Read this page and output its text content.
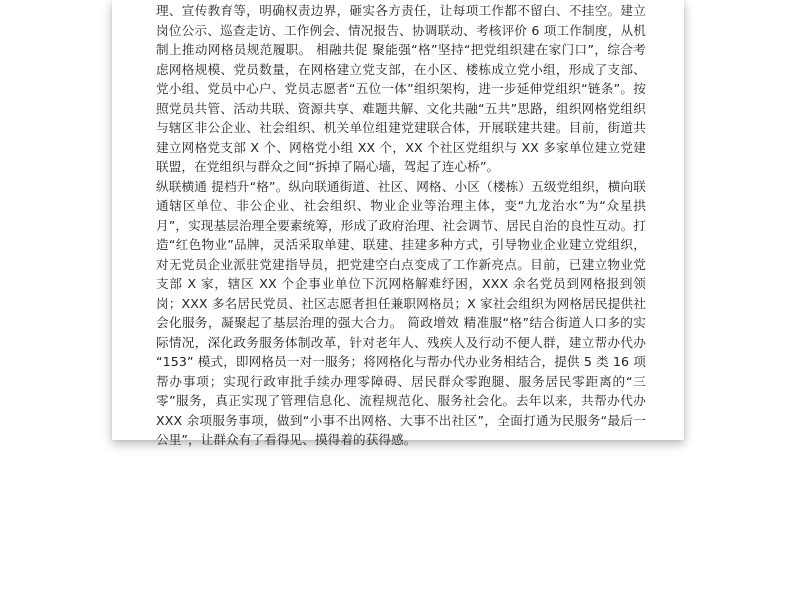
理、宣传教育等，明确权责边界，砸实各方责任，让每项工作都不留白、不挂空。建立岗位公示、巡查走访、工作例会、情况报告、协调联动、考核评价 6 项工作制度，从机制上推动网格员规范履职。 相融共促 聚能强“格”坚持“把党组织建在家门口”，综合考虑网格规模、党员数量，在网格建立党支部，在小区、楼栋成立党小组，形成了支部、党小组、党员中心户、党员志愿者“五位一体”组织架构，进一步延伸党组织“链条”。按照党员共管、活动共联、资源共享、难题共解、文化共融“五共”思路，组织网格党组织与辖区非公企业、社会组织、机关单位组建党建联合体，开展联建共建。目前，街道共建立网格党支部 X 个、网格党小组 XX 个，XX 个社区党组织与 XX 多家单位建立党建联盟，在党组织与群众之间“拆掉了隔心墙，驾起了连心桥”。

纵联横通 提档升“格”。纵向联通街道、社区、网格、小区（楼栋）五级党组织，横向联通辖区单位、非公企业、社会组织、物业企业等治理主体，变“九龙治水”为“众星拱月”，实现基层治理全要素统筹，形成了政府治理、社会调节、居民自治的良性互动。打造“红色物业”品牌，灵活采取单建、联建、挂建多种方式，引导物业企业建立党组织，对无党员企业派驻党建指导员，把党建空白点变成了工作新亮点。目前，已建立物业党支部 X 家，辖区 XX 个企事业单位下沉网格解难纾困，XXX 余名党员到网格报到领岗；XXX 多名居民党员、社区志愿者担任兼职网格员；X 家社会组织为网格居民提供社会化服务，凝聚起了基层治理的强大合力。 简政增效 精准服“格”结合街道人口多的实际情况，深化政务服务体制改革，针对老年人、残疾人及行动不便人群，建立帮办代办 “153” 模式，即网格员一对一服务；将网格化与帮办代办业务相结合，提供 5 类 16 项帮办事项；实现行政审批手续办理零障碍、居民群众零跑腿、服务居民零距离的“三零”服务，真正实现了管理信息化、流程规范化、服务社会化。去年以来，共帮办代办 XXX 余项服务事项，做到“小事不出网格、大事不出社区”，全面打通为民服务“最后一公里”，让群众有了看得见、摸得着的获得感。
